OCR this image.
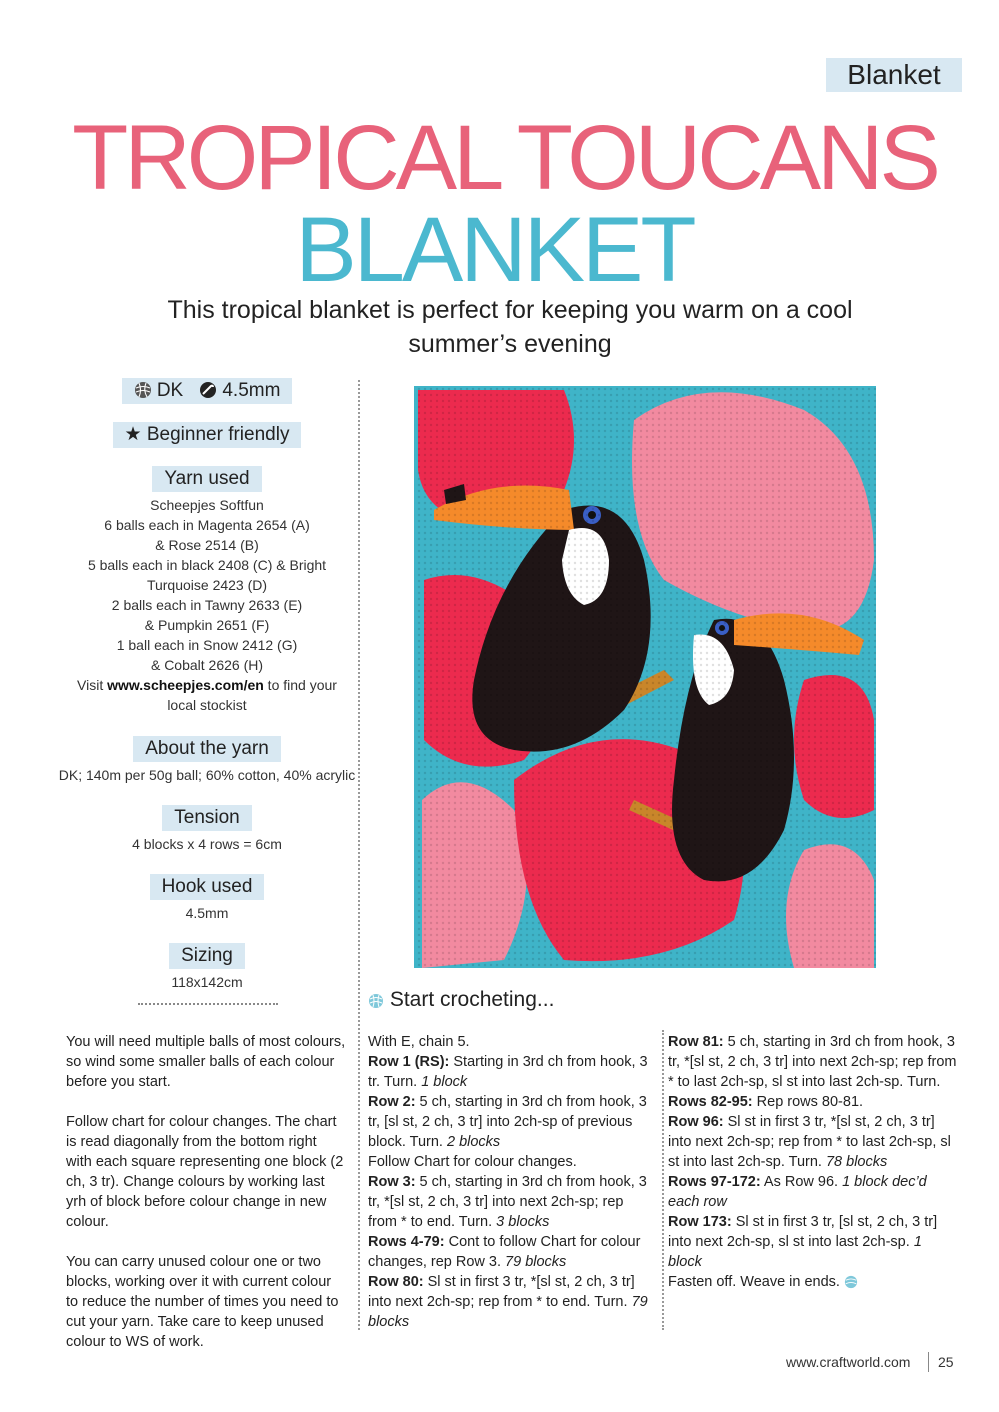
Blanket
TROPICAL TOUCANS
BLANKET
This tropical blanket is perfect for keeping you warm on a cool summer’s evening
DK 4.5mm
★ Beginner friendly
Yarn used
Scheepjes Softfun
6 balls each in Magenta 2654 (A)
& Rose 2514 (B)
5 balls each in black 2408 (C) & Bright
Turquoise 2423 (D)
2 balls each in Tawny 2633 (E)
& Pumpkin 2651 (F)
1 ball each in Snow 2412 (G)
& Cobalt 2626 (H)
Visit www.scheepjes.com/en to find your
local stockist
About the yarn
DK; 140m per 50g ball; 60% cotton, 40% acrylic
Tension
4 blocks x 4 rows = 6cm
Hook used
4.5mm
Sizing
118x142cm

You will need multiple balls of most colours, so wind some smaller balls of each colour before you start.

Follow chart for colour changes. The chart is read diagonally from the bottom right with each square representing one block (2 ch, 3 tr). Change colours by working last yrh of block before colour change in new colour.

You can carry unused colour one or two blocks, working over it with current colour to reduce the number of times you need to cut your yarn. Take care to keep unused colour to WS of work.

Start crocheting...

With E, chain 5.

Row 1 (RS): Starting in 3rd ch from hook, 3 tr. Turn. 1 block

Row 2: 5 ch, starting in 3rd ch from hook, 3 tr, [sl st, 2 ch, 3 tr] into 2ch-sp of previous block. Turn. 2 blocks

Follow Chart for colour changes.

Row 3: 5 ch, starting in 3rd ch from hook, 3 tr, *[sl st, 2 ch, 3 tr] into next 2ch-sp; rep from * to end. Turn. 3 blocks

Rows 4-79: Cont to follow Chart for colour changes, rep Row 3. 79 blocks

Row 80: Sl st in first 3 tr, *[sl st, 2 ch, 3 tr] into next 2ch-sp; rep from * to end. Turn. 79 blocks

Row 81: 5 ch, starting in 3rd ch from hook, 3 tr, *[sl st, 2 ch, 3 tr] into next 2ch-sp; rep from * to last 2ch-sp, sl st into last 2ch-sp. Turn.

Rows 82-95: Rep rows 80-81.

Row 96: Sl st in first 3 tr, *[sl st, 2 ch, 3 tr] into next 2ch-sp; rep from * to last 2ch-sp, sl st into last 2ch-sp. Turn. 78 blocks

Rows 97-172: As Row 96. 1 block dec’d each row

Row 173: Sl st in first 3 tr, [sl st, 2 ch, 3 tr] into next 2ch-sp, sl st into last 2ch-sp. 1 block

Fasten off. Weave in ends.

www.craftworld.com 25
